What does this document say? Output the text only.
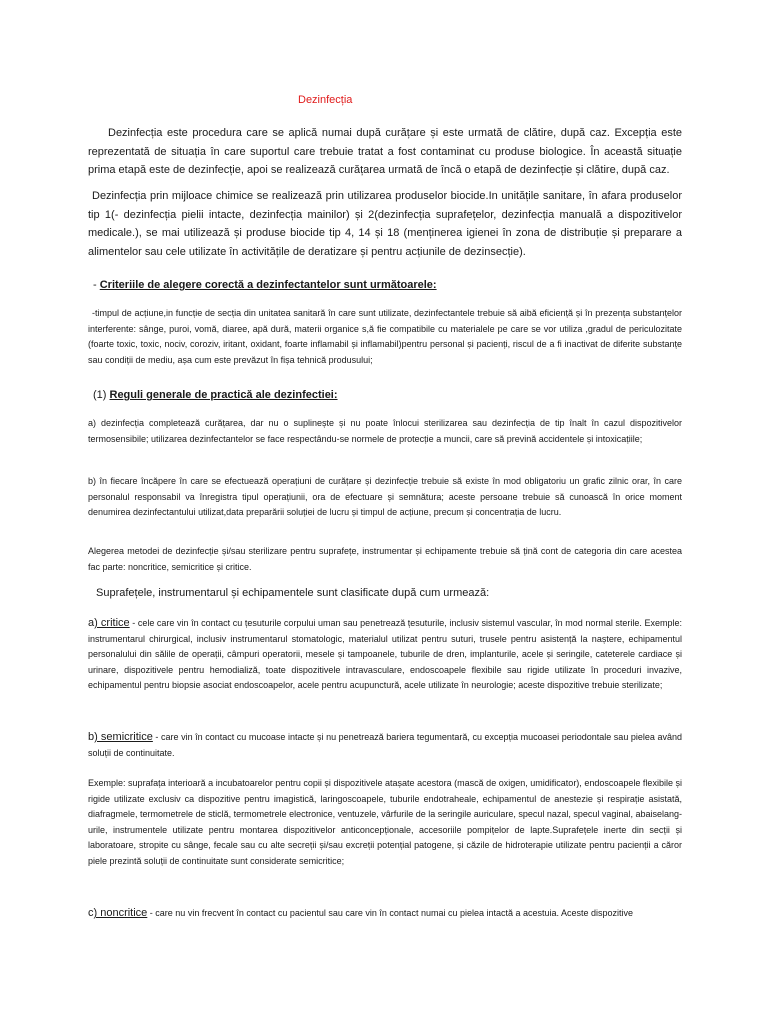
Dezinfecția

Dezinfecția este procedura care se aplică numai după curățare și este urmată de clătire, după caz. Excepția este reprezentată de situația în care suportul care trebuie tratat a fost contaminat cu produse biologice. În această situație prima etapă este de dezinfecție, apoi se realizează curățarea urmată de încă o etapă de dezinfecție și clătire, după caz.

Dezinfecția prin mijloace chimice se realizează prin utilizarea produselor biocide.In unitățile sanitare, în afara produselor tip 1(- dezinfecția pielii intacte, dezinfecția mainilor) și 2(dezinfecția suprafețelor, dezinfecția manuală a dispozitivelor medicale.), se mai utilizează și produse biocide tip 4, 14 și 18 (menținerea igienei în zona de distribuție și preparare a alimentelor sau cele utilizate în activitățile de deratizare și pentru acțiunile de dezinsecție).

- Criteriile de alegere corectă a dezinfectantelor sunt următoarele:

-timpul de acțiune,in funcție de secția din unitatea sanitară în care sunt utilizate, dezinfectantele trebuie să aibă eficiență și în prezența substanțelor interferente: sânge, puroi, vomă, diaree, apă dură, materii organice s,ă fie compatibile cu materialele pe care se vor utiliza ,gradul de periculozitate (foarte toxic, toxic, nociv, coroziv, iritant, oxidant, foarte inflamabil și inflamabil)pentru personal și pacienți, riscul de a fi inactivat de diferite substanțe sau condiții de mediu, așa cum este prevăzut în fișa tehnică produsului;

(1) Reguli generale de practică ale dezinfectiei:

a) dezinfecția completează curățarea, dar nu o suplinește și nu poate înlocui sterilizarea sau dezinfecția de tip înalt în cazul dispozitivelor termosensibile; utilizarea dezinfectantelor se face respectându-se normele de protecție a muncii, care să prevină accidentele și intoxicațiile;

b) în fiecare încăpere în care se efectuează operațiuni de curățare și dezinfecție trebuie să existe în mod obligatoriu un grafic zilnic orar, în care personalul responsabil va înregistra tipul operațiunii, ora de efectuare și semnătura; aceste persoane trebuie să cunoască în orice moment denumirea dezinfectantului utilizat,data preparării soluției de lucru și timpul de acțiune, precum și concentrația de lucru.

Alegerea metodei de dezinfecție și/sau sterilizare pentru suprafețe, instrumentar și echipamente trebuie să țină cont de categoria din care acestea fac parte: noncritice, semicritice și critice.

Suprafețele, instrumentarul și echipamentele sunt clasificate după cum urmează:

a) critice - cele care vin în contact cu țesuturile corpului uman sau penetrează țesuturile, inclusiv sistemul vascular, în mod normal sterile. Exemple: instrumentarul chirurgical, inclusiv instrumentarul stomatologic, materialul utilizat pentru suturi, trusele pentru asistență la naștere, echipamentul personalului din sălile de operații, câmpuri operatorii, mesele și tampoanele, tuburile de dren, implanturile, acele și seringile, cateterele cardiace și urinare, dispozitivele pentru hemodializă, toate dispozitivele intravasculare, endoscoapele flexibile sau rigide utilizate în proceduri invazive, echipamentul pentru biopsie asociat endoscoapelor, acele pentru acupunctură, acele utilizate în neurologie; aceste dispozitive trebuie sterilizate;

b) semicritice - care vin în contact cu mucoase intacte și nu penetrează bariera tegumentară, cu excepția mucoasei periodontale sau pielea având soluții de continuitate.

Exemple: suprafața interioară a incubatoarelor pentru copii și dispozitivele atașate acestora (mască de oxigen, umidificator), endoscoapele flexibile și rigide utilizate exclusiv ca dispozitive pentru imagistică, laringoscoapele, tuburile endotraheale, echipamentul de anestezie și respirație asistată, diafragmele, termometrele de sticlă, termometrele electronice, ventuzele, vârfurile de la seringile auriculare, specul nazal, specul vaginal, abaiselang-urile, instrumentele utilizate pentru montarea dispozitivelor anticoncepționale, accesoriile pompițelor de lapte.Suprafețele inerte din secții și laboratoare, stropite cu sânge, fecale sau cu alte secreții și/sau excreții potențial patogene, și căzile de hidroterapie utilizate pentru pacienții a căror piele prezintă soluții de continuitate sunt considerate semicritice;

c) noncritice - care nu vin frecvent în contact cu pacientul sau care vin în contact numai cu pielea intactă a acestuia. Aceste dispozitive
